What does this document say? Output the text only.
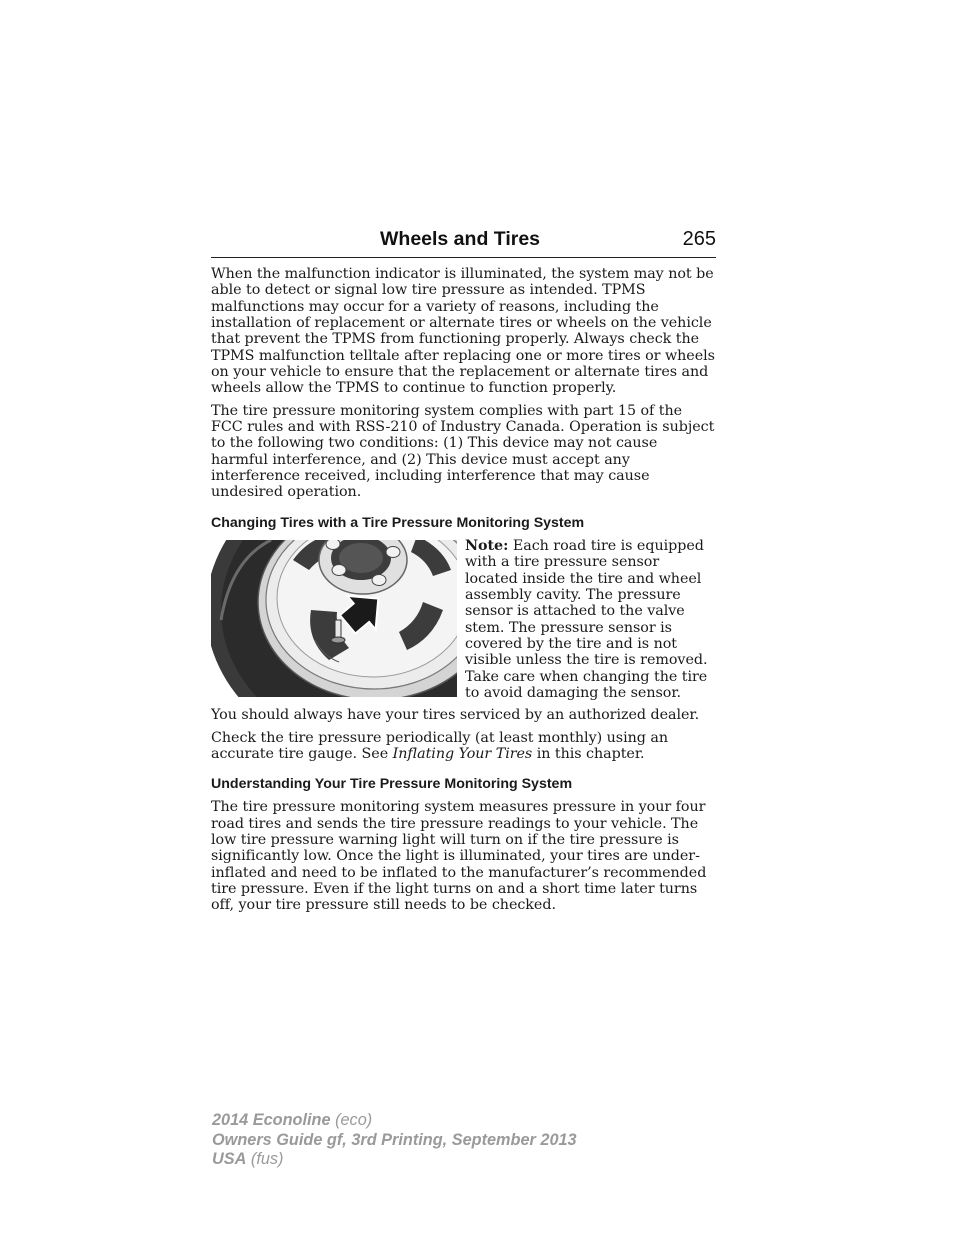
Wheels and Tires	265

When the malfunction indicator is illuminated, the system may not be able to detect or signal low tire pressure as intended. TPMS malfunctions may occur for a variety of reasons, including the installation of replacement or alternate tires or wheels on the vehicle that prevent the TPMS from functioning properly. Always check the TPMS malfunction telltale after replacing one or more tires or wheels on your vehicle to ensure that the replacement or alternate tires and wheels allow the TPMS to continue to function properly.

The tire pressure monitoring system complies with part 15 of the FCC rules and with RSS-210 of Industry Canada. Operation is subject to the following two conditions: (1) This device may not cause harmful interference, and (2) This device must accept any interference received, including interference that may cause undesired operation.

Changing Tires with a Tire Pressure Monitoring System

Note: Each road tire is equipped with a tire pressure sensor located inside the tire and wheel assembly cavity. The pressure sensor is attached to the valve stem. The pressure sensor is covered by the tire and is not visible unless the tire is removed. Take care when changing the tire to avoid damaging the sensor.

You should always have your tires serviced by an authorized dealer.

Check the tire pressure periodically (at least monthly) using an accurate tire gauge. See Inflating Your Tires in this chapter.

Understanding Your Tire Pressure Monitoring System

The tire pressure monitoring system measures pressure in your four road tires and sends the tire pressure readings to your vehicle. The low tire pressure warning light will turn on if the tire pressure is significantly low. Once the light is illuminated, your tires are under-inflated and need to be inflated to the manufacturer’s recommended tire pressure. Even if the light turns on and a short time later turns off, your tire pressure still needs to be checked.

2014 Econoline (eco)
Owners Guide gf, 3rd Printing, September 2013
USA (fus)
